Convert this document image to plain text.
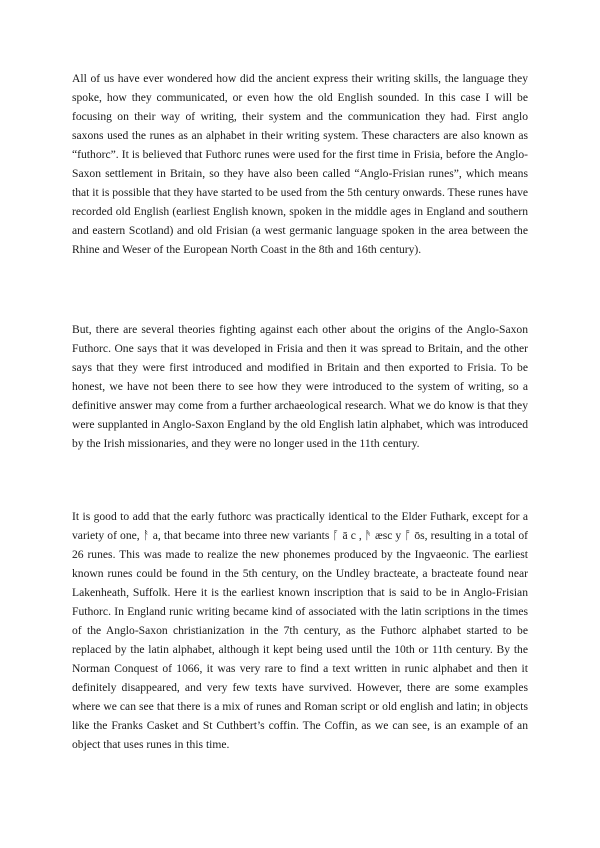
All of us have ever wondered how did the ancient express their writing skills, the language they spoke, how they communicated, or even how the old English sounded. In this case I will be focusing on their way of writing, their system and the communication they had. First anglo saxons used the runes as an alphabet in their writing system. These characters are also known as “futhorc”. It is believed that Futhorc runes were used for the first time in Frisia, before the Anglo-Saxon settlement in Britain, so they have also been called “Anglo-Frisian runes”, which means that it is possible that they have started to be used from the 5th century onwards. These runes have recorded old English (earliest English known, spoken in the middle ages in England and southern and eastern Scotland) and old Frisian (a west germanic language spoken in the area between the Rhine and Weser of the European North Coast in the 8th and 16th century).

But, there are several theories fighting against each other about the origins of the Anglo-Saxon Futhorc. One says that it was developed in Frisia and then it was spread to Britain, and the other says that they were first introduced and modified in Britain and then exported to Frisia. To be honest, we have not been there to see how they were introduced to the system of writing, so a definitive answer may come from a further archaeological research. What we do know is that they were supplanted in Anglo-Saxon England by the old English latin alphabet, which was introduced by the Irish missionaries, and they were no longer used in the 11th century.

It is good to add that the early futhorc was practically identical to the Elder Futhark, except for a variety of one, ᚨ a, that became into three new variants ᚪ ā c , ᚫ æsc y ᚩ ōs, resulting in a total of 26 runes. This was made to realize the new phonemes produced by the Ingvaeonic. The earliest known runes could be found in the 5th century, on the Undley bracteate, a bracteate found near Lakenheath, Suffolk. Here it is the earliest known inscription that is said to be in Anglo-Frisian Futhorc. In England runic writing became kind of associated with the latin scriptions in the times of the Anglo-Saxon christianization in the 7th century, as the Futhorc alphabet started to be replaced by the latin alphabet, although it kept being used until the 10th or 11th century. By the Norman Conquest of 1066, it was very rare to find a text written in runic alphabet and then it definitely disappeared, and very few texts have survived. However, there are some examples where we can see that there is a mix of runes and Roman script or old english and latin; in objects like the Franks Casket and St Cuthbert’s coffin. The Coffin, as we can see, is an example of an object that uses runes in this time.
